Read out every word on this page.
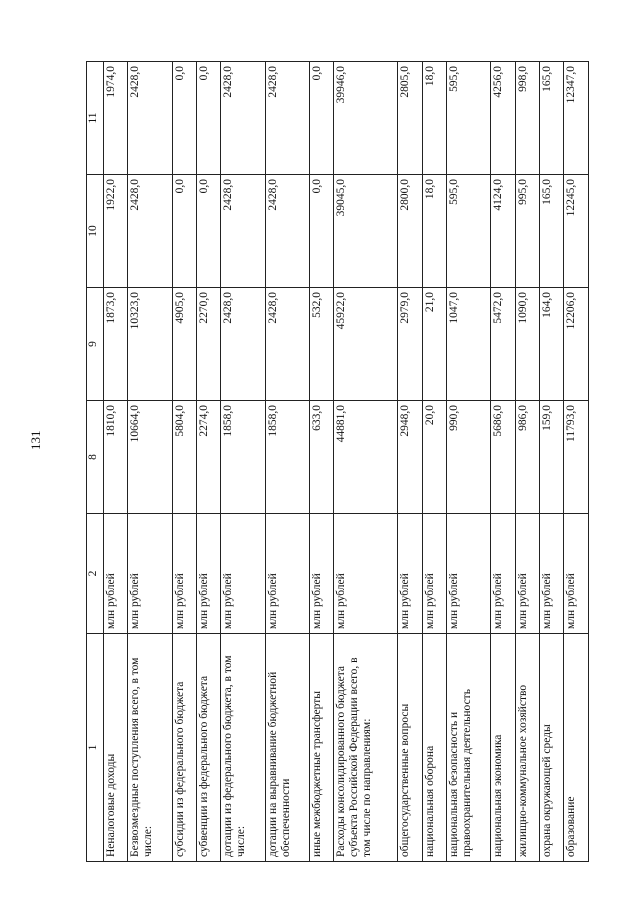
131
1	2	8	9	10	11
Неналоговые доходы	млн рублей	1810,0	1873,0	1922,0	1974,0
Безвозмездные поступления всего, в том числе:	млн рублей	10664,0	10323,0	2428,0	2428,0
субсидии из федерального бюджета	млн рублей	5804,0	4905,0	0,0	0,0
субвенции из федерального бюджета	млн рублей	2274,0	2270,0	0,0	0,0
дотации из федерального бюджета, в том числе:	млн рублей	1858,0	2428,0	2428,0	2428,0
дотации на выравнивание бюджетной обеспеченности	млн рублей	1858,0	2428,0	2428,0	2428,0
иные межбюджетные трансферты	млн рублей	633,0	532,0	0,0	0,0
Расходы консолидированного бюджета субъекта Российской Федерации всего, в том числе по направлениям:	млн рублей	44881,0	45922,0	39045,0	39946,0
общегосударственные вопросы	млн рублей	2948,0	2979,0	2800,0	2805,0
национальная оборона	млн рублей	20,0	21,0	18,0	18,0
национальная безопасность и правоохранительная деятельность	млн рублей	990,0	1047,0	595,0	595,0
национальная экономика	млн рублей	5686,0	5472,0	4124,0	4256,0
жилищно-коммунальное хозяйство	млн рублей	986,0	1090,0	995,0	998,0
охрана окружающей среды	млн рублей	159,0	164,0	165,0	165,0
образование	млн рублей	11793,0	12206,0	12245,0	12347,0
